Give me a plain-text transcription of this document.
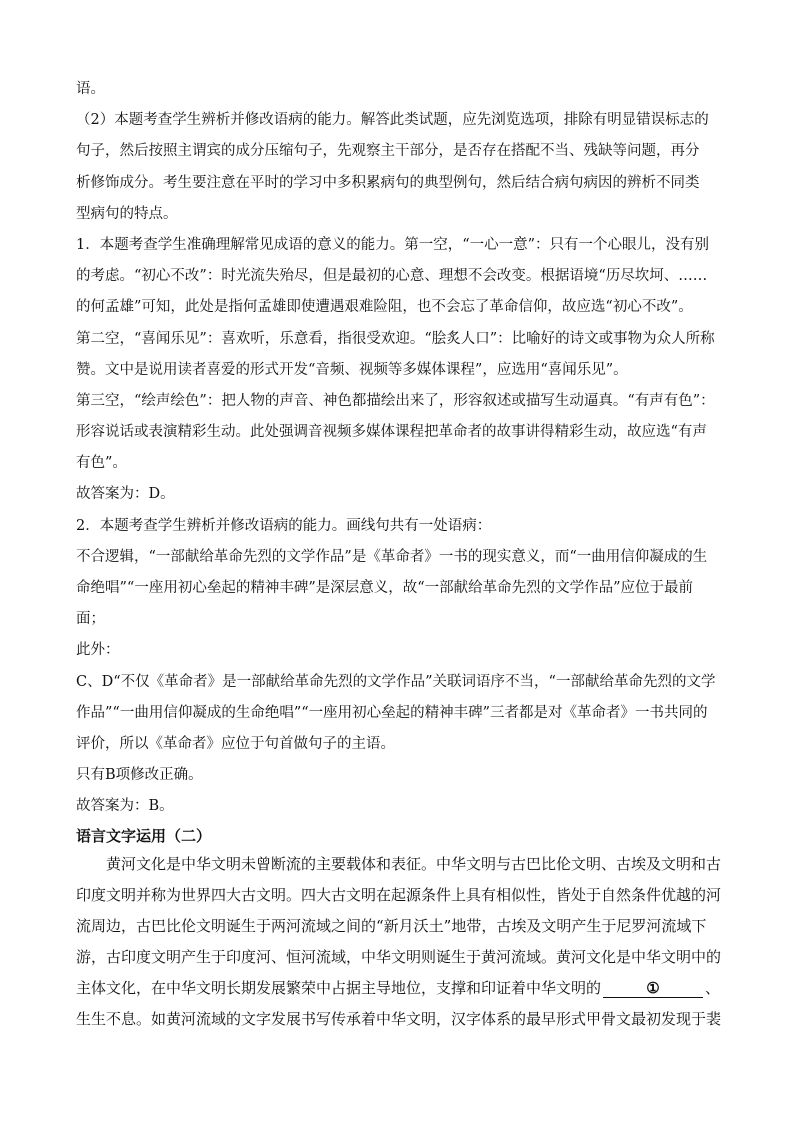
语。
（2）本题考查学生辨析并修改语病的能力。解答此类试题，应先浏览选项，排除有明显错误标志的
句子，然后按照主谓宾的成分压缩句子，先观察主干部分，是否存在搭配不当、残缺等问题，再分
析修饰成分。考生要注意在平时的学习中多积累病句的典型例句，然后结合病句病因的辨析不同类
型病句的特点。
1．本题考查学生准确理解常见成语的意义的能力。第一空，“一心一意”：只有一个心眼儿，没有别
的考虑。“初心不改”：时光流失殆尽，但是最初的心意、理想不会改变。根据语境“历尽坎坷、……
的何孟雄”可知，此处是指何孟雄即使遭遇艰难险阻，也不会忘了革命信仰，故应选“初心不改”。
第二空，“喜闻乐见”：喜欢听，乐意看，指很受欢迎。“脍炙人口”：比喻好的诗文或事物为众人所称
赞。文中是说用读者喜爱的形式开发“音频、视频等多媒体课程”，应选用“喜闻乐见”。
第三空，“绘声绘色”：把人物的声音、神色都描绘出来了，形容叙述或描写生动逼真。“有声有色”：
形容说话或表演精彩生动。此处强调音视频多媒体课程把革命者的故事讲得精彩生动，故应选“有声
有色”。
故答案为：D。
2．本题考查学生辨析并修改语病的能力。画线句共有一处语病：
不合逻辑，“一部献给革命先烈的文学作品”是《革命者》一书的现实意义，而“一曲用信仰凝成的生
命绝唱”“一座用初心垒起的精神丰碑”是深层意义，故“一部献给革命先烈的文学作品”应位于最前
面；
此外：
C、D“不仅《革命者》是一部献给革命先烈的文学作品”关联词语序不当，“一部献给革命先烈的文学
作品”“一曲用信仰凝成的生命绝唱”“一座用初心垒起的精神丰碑”三者都是对《革命者》一书共同的
评价，所以《革命者》应位于句首做句子的主语。
只有B项修改正确。
故答案为：B。
语言文字运用（二）
黄河文化是中华文明未曾断流的主要载体和表征。中华文明与古巴比伦文明、古埃及文明和古
印度文明并称为世界四大古文明。四大古文明在起源条件上具有相似性，皆处于自然条件优越的河
流周边，古巴比伦文明诞生于两河流域之间的“新月沃土”地带，古埃及文明产生于尼罗河流域下
游，古印度文明产生于印度河、恒河流域，中华文明则诞生于黄河流域。黄河文化是中华文明中的
主体文化，在中华文明长期发展繁荣中占据主导地位，支撑和印证着中华文明的	①	、
生生不息。如黄河流域的文字发展书写传承着中华文明，汉字体系的最早形式甲骨文最初发现于裴
